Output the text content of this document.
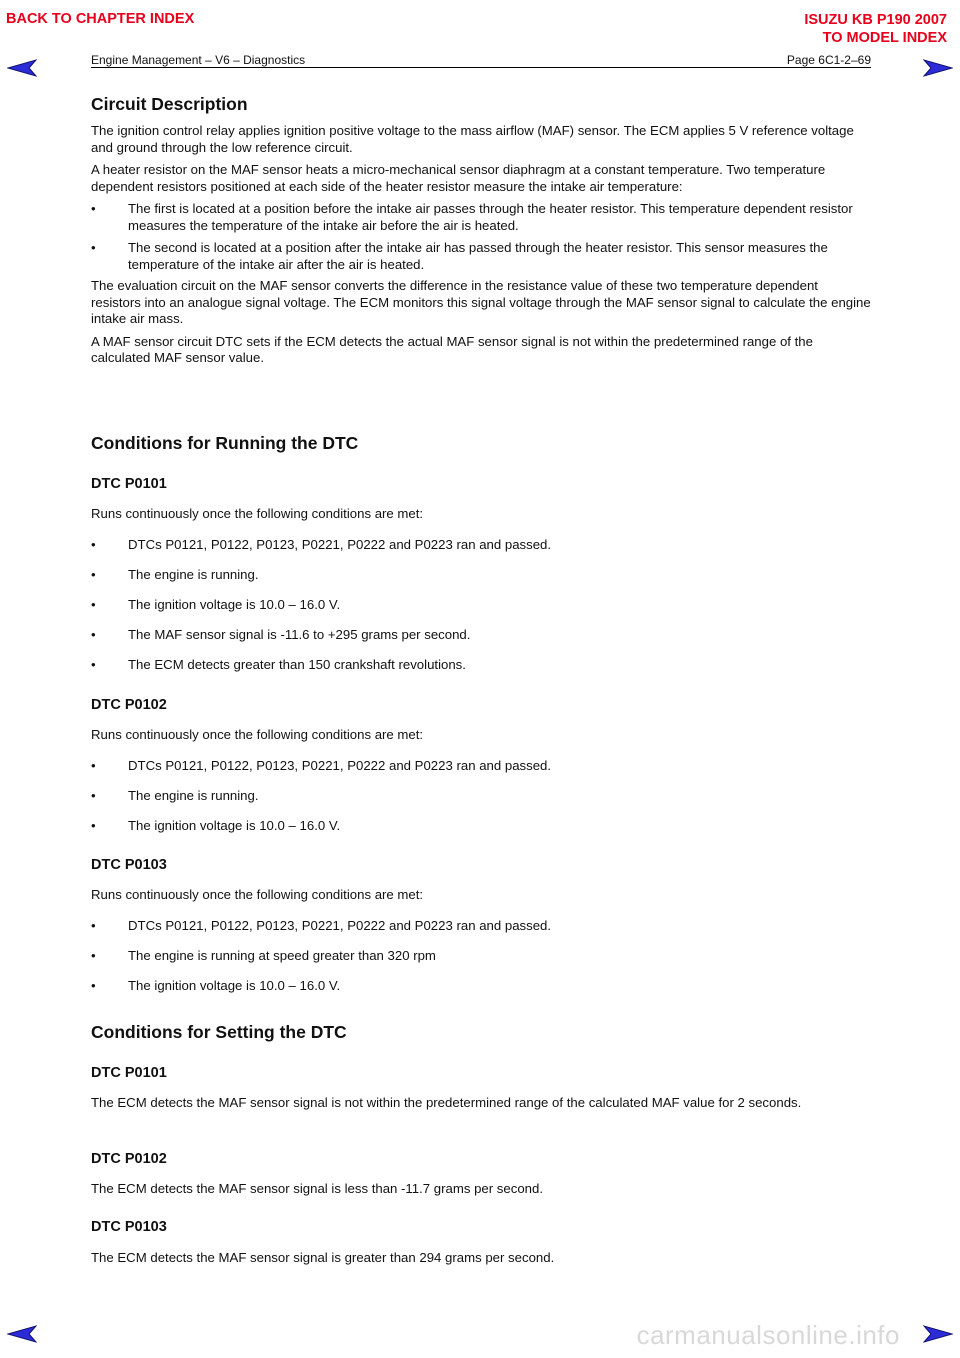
BACK TO CHAPTER INDEX	ISUZU KB P190 2007
TO MODEL INDEX
Engine Management – V6 – Diagnostics	Page 6C1-2–69
Circuit Description

The ignition control relay applies ignition positive voltage to the mass airflow (MAF) sensor. The ECM applies 5 V reference voltage and ground through the low reference circuit.

A heater resistor on the MAF sensor heats a micro-mechanical sensor diaphragm at a constant temperature. Two temperature dependent resistors positioned at each side of the heater resistor measure the intake air temperature:

•	The first is located at a position before the intake air passes through the heater resistor. This temperature dependent resistor measures the temperature of the intake air before the air is heated.
•	The second is located at a position after the intake air has passed through the heater resistor. This sensor measures the temperature of the intake air after the air is heated.

The evaluation circuit on the MAF sensor converts the difference in the resistance value of these two temperature dependent resistors into an analogue signal voltage. The ECM monitors this signal voltage through the MAF sensor signal to calculate the engine intake air mass.

A MAF sensor circuit DTC sets if the ECM detects the actual MAF sensor signal is not within the predetermined range of the calculated MAF sensor value.

Conditions for Running the DTC
DTC P0101

Runs continuously once the following conditions are met:

•	DTCs P0121, P0122, P0123, P0221, P0222 and P0223 ran and passed.
•	The engine is running.
•	The ignition voltage is 10.0 – 16.0 V.
•	The MAF sensor signal is -11.6 to +295 grams per second.
•	The ECM detects greater than 150 crankshaft revolutions.
DTC P0102

Runs continuously once the following conditions are met:

•	DTCs P0121, P0122, P0123, P0221, P0222 and P0223 ran and passed.
•	The engine is running.
•	The ignition voltage is 10.0 – 16.0 V.
DTC P0103

Runs continuously once the following conditions are met:

•	DTCs P0121, P0122, P0123, P0221, P0222 and P0223 ran and passed.
•	The engine is running at speed greater than 320 rpm
•	The ignition voltage is 10.0 – 16.0 V.
Conditions for Setting the DTC
DTC P0101

The ECM detects the MAF sensor signal is not within the predetermined range of the calculated MAF value for 2 seconds.

DTC P0102

The ECM detects the MAF sensor signal is less than -11.7 grams per second.

DTC P0103

The ECM detects the MAF sensor signal is greater than 294 grams per second.

carmanualsonline.info
